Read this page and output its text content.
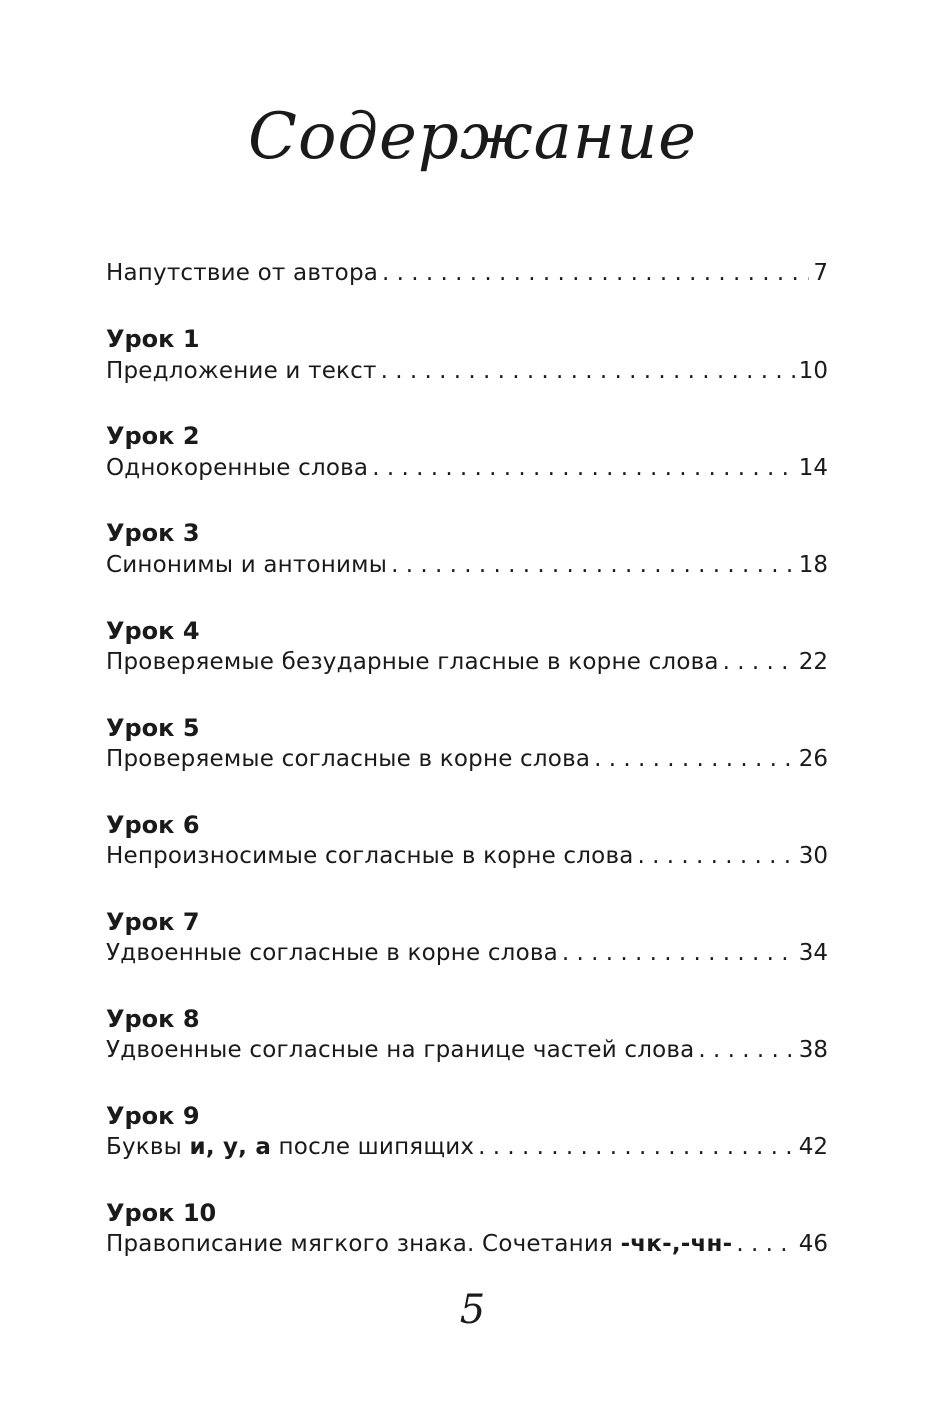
Содержание
Напутствие от автора . . .	7
Урок 1
Предложение и текст . . .	10
Урок 2
Однокоренные слова . . .	14
Урок 3
Синонимы и антонимы . . .	18
Урок 4
Проверяемые безударные гласные в корне слова . . .	22
Урок 5
Проверяемые согласные в корне слова . . .	26
Урок 6
Непроизносимые согласные в корне слова . . .	30
Урок 7
Удвоенные согласные в корне слова . . .	34
Урок 8
Удвоенные согласные на границе частей слова . . .	38
Урок 9
Буквы и, у, а после шипящих . . .	42
Урок 10
Правописание мягкого знака. Сочетания -чк-,-чн- . . .	46
5
